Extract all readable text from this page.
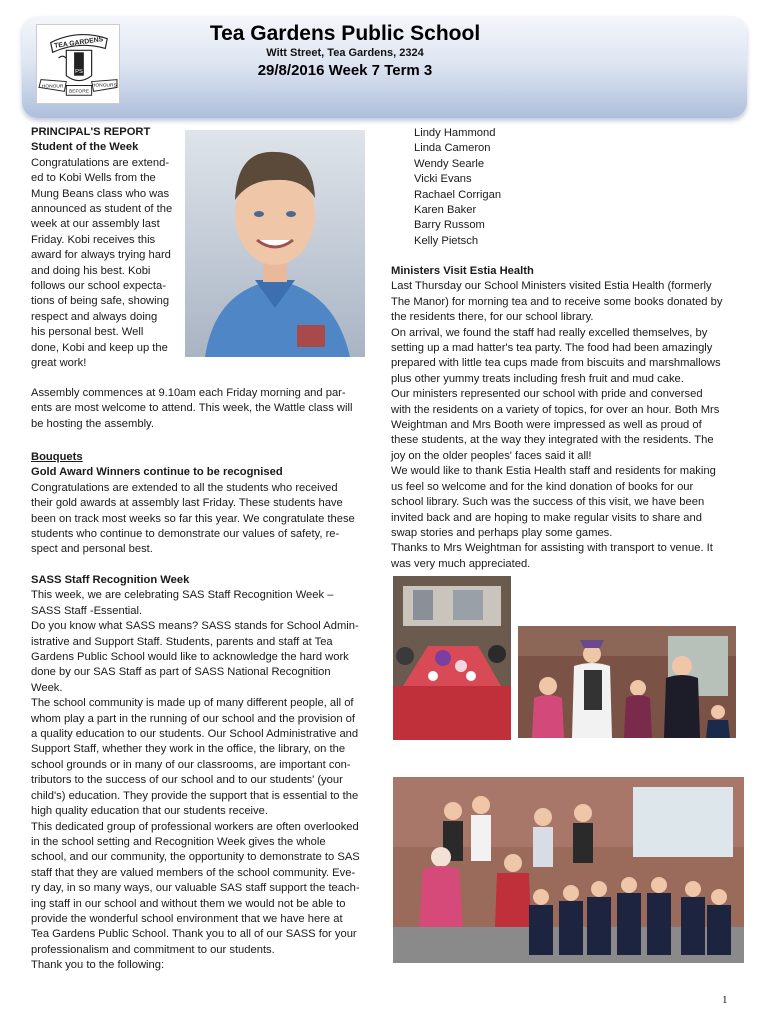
TEA GARDENS
PS
HONOUR
BEFORE
HONOURS
Tea Gardens Public School
Witt Street, Tea Gardens, 2324
29/8/2016 Week 7 Term 3
PRINCIPAL'S REPORT
Student of the Week
Congratulations are extend-
ed to Kobi Wells from the
Mung Beans class who was
announced as student of the
week at our assembly last
Friday. Kobi receives this
award for always trying hard
and doing his best. Kobi
follows our school expecta-
tions of being safe, showing
respect and always doing
his personal best. Well
done, Kobi and keep up the
great work!
Assembly commences at 9.10am each Friday morning and par-
ents are most welcome to attend. This week, the Wattle class will
be hosting the assembly.
Bouquets
Gold Award Winners continue to be recognised
Congratulations are extended to all the students who received
their gold awards at assembly last Friday. These students have
been on track most weeks so far this year. We congratulate these
students who continue to demonstrate our values of safety, re-
spect and personal best.
SASS Staff Recognition Week
This week, we are celebrating SAS Staff Recognition Week –
SASS Staff -Essential.
Do you know what SASS means? SASS stands for School Admin-
istrative and Support Staff. Students, parents and staff at Tea
Gardens Public School would like to acknowledge the hard work
done by our SAS Staff as part of SASS National Recognition
Week.
The school community is made up of many different people, all of
whom play a part in the running of our school and the provision of
a quality education to our students. Our School Administrative and
Support Staff, whether they work in the office, the library, on the
school grounds or in many of our classrooms, are important con-
tributors to the success of our school and to our students' (your
child's) education. They provide the support that is essential to the
high quality education that our students receive.
This dedicated group of professional workers are often overlooked
in the school setting and Recognition Week gives the whole
school, and our community, the opportunity to demonstrate to SAS
staff that they are valued members of the school community. Eve-
ry day, in so many ways, our valuable SAS staff support the teach-
ing staff in our school and without them we would not be able to
provide the wonderful school environment that we have here at
Tea Gardens Public School. Thank you to all of our SASS for your
professionalism and commitment to our students.
Thank you to the following:
Lindy Hammond
Linda Cameron
Wendy Searle
Vicki Evans
Rachael Corrigan
Karen Baker
Barry Russom
Kelly Pietsch
Ministers Visit Estia Health
Last Thursday our School Ministers visited Estia Health (formerly
The Manor) for morning tea and to receive some books donated by
the residents there, for our school library.
On arrival, we found the staff had really excelled themselves, by
setting up a mad hatter's tea party. The food had been amazingly
prepared with little tea cups made from biscuits and marshmallows
plus other yummy treats including fresh fruit and mud cake.
Our ministers represented our school with pride and conversed
with the residents on a variety of topics, for over an hour. Both Mrs
Weightman and Mrs Booth were impressed as well as proud of
these students, at the way they integrated with the residents. The
joy on the older peoples' faces said it all!
We would like to thank Estia Health staff and residents for making
us feel so welcome and for the kind donation of books for our
school library. Such was the success of this visit, we have been
invited back and are hoping to make regular visits to share and
swap stories and perhaps play some games.
Thanks to Mrs Weightman for assisting with transport to venue. It
was very much appreciated.
1
